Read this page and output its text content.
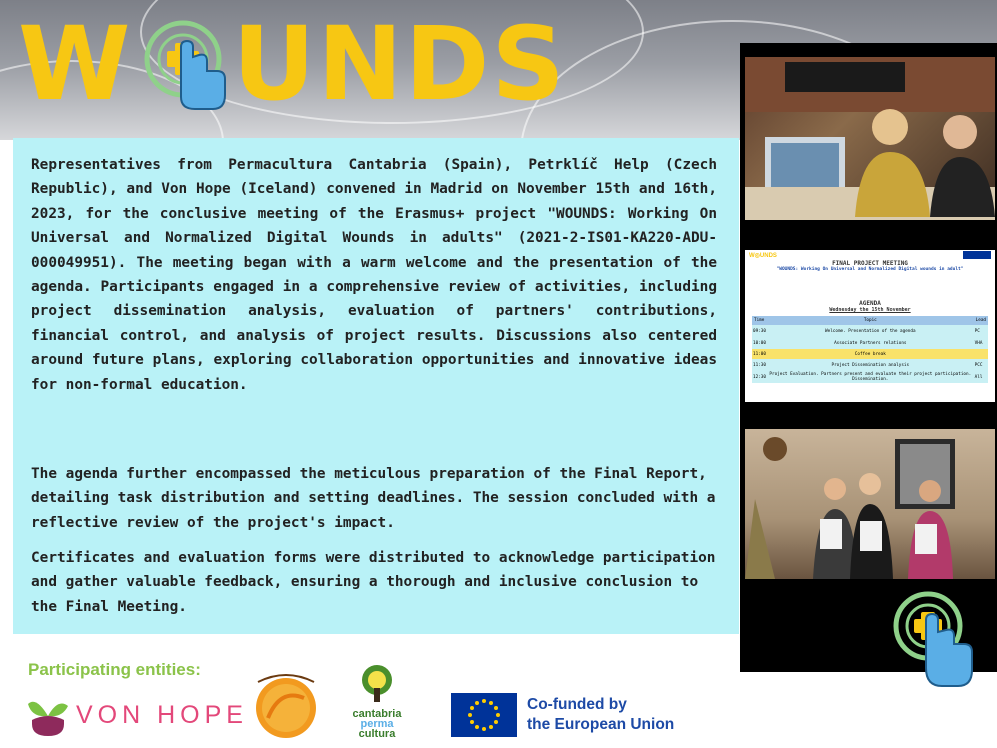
W UNDS

Representatives from Permacultura Cantabria (Spain), Petrklíč Help (Czech Republic), and Von Hope (Iceland) convened in Madrid on November 15th and 16th, 2023, for the conclusive meeting of the Erasmus+ project "WOUNDS: Working On Universal and Normalized Digital Wounds in adults" (2021-2-IS01-KA220-ADU-000049951). The meeting began with a warm welcome and the presentation of the agenda. Participants engaged in a comprehensive review of activities, including project dissemination analysis, evaluation of partners' contributions, financial control, and analysis of project results. Discussions also centered around future plans, exploring collaboration opportunities and innovative ideas for non-formal education.

The agenda further encompassed the meticulous preparation of the Final Report, detailing task distribution and setting deadlines. The session concluded with a reflective review of the project's impact.

Certificates and evaluation forms were distributed to acknowledge participation and gather valuable feedback, ensuring a thorough and inclusive conclusion to the Final Meeting.

W◎UNDS
FINAL PROJECT MEETING
"WOUNDS: Working On Universal and Normalized Digital wounds in adult"
AGENDA
Wednesday the 15th November
Time	Topic	Lead
09:30	Welcome. Presentation of the agenda	PC
10:00	Associate Partners relations	VHA
11:00	Coffee break	
11:30	Project Dissemination analysis	PCC
12:30	Project Evaluation. Partners present and evaluate their project participation. Dissemination.	All
Participating entities:
VON HOPE	cantabria
perma
cultura
Co-funded by
the European Union
